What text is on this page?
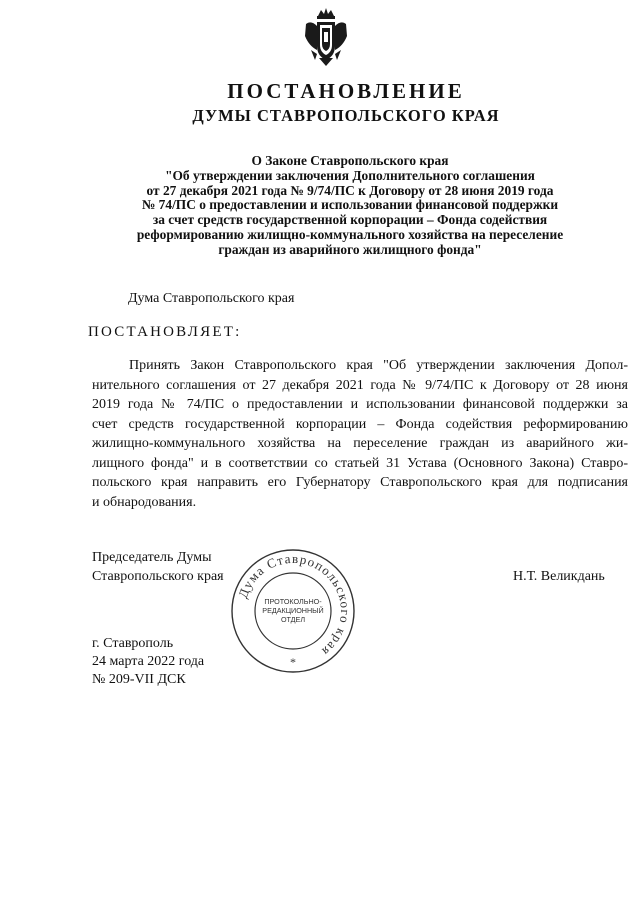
ПОСТАНОВЛЕНИЕ
ДУМЫ СТАВРОПОЛЬСКОГО КРАЯ
О Законе Ставропольского края
"Об утверждении заключения Дополнительного соглашения
от 27 декабря 2021 года № 9/74/ПС к Договору от 28 июня 2019 года
№ 74/ПС о предоставлении и использовании финансовой поддержки
за счет средств государственной корпорации – Фонда содействия
реформированию жилищно-коммунального хозяйства на переселение
граждан из аварийного жилищного фонда"
Дума Ставропольского края
ПОСТАНОВЛЯЕТ:
Принять Закон Ставропольского края "Об утверждении заключения Допол-
нительного соглашения от 27 декабря 2021 года № 9/74/ПС к Договору от 28 июня
2019 года № 74/ПС о предоставлении и использовании финансовой поддержки за
счет средств государственной корпорации – Фонда содействия реформированию
жилищно-коммунального хозяйства на переселение граждан из аварийного жи-
лищного фонда" и в соответствии со статьей 31 Устава (Основного Закона) Ставро-
польского края направить его Губернатору Ставропольского края для подписания
и обнародования.
Председатель Думы
Ставропольского края	Н.Т. Великдань
Дума Ставропольского края
ПРОТОКОЛЬНО-
РЕДАКЦИОННЫЙ
ОТДЕЛ
*
г. Ставрополь
24 марта 2022 года
№ 209-VII ДСК
